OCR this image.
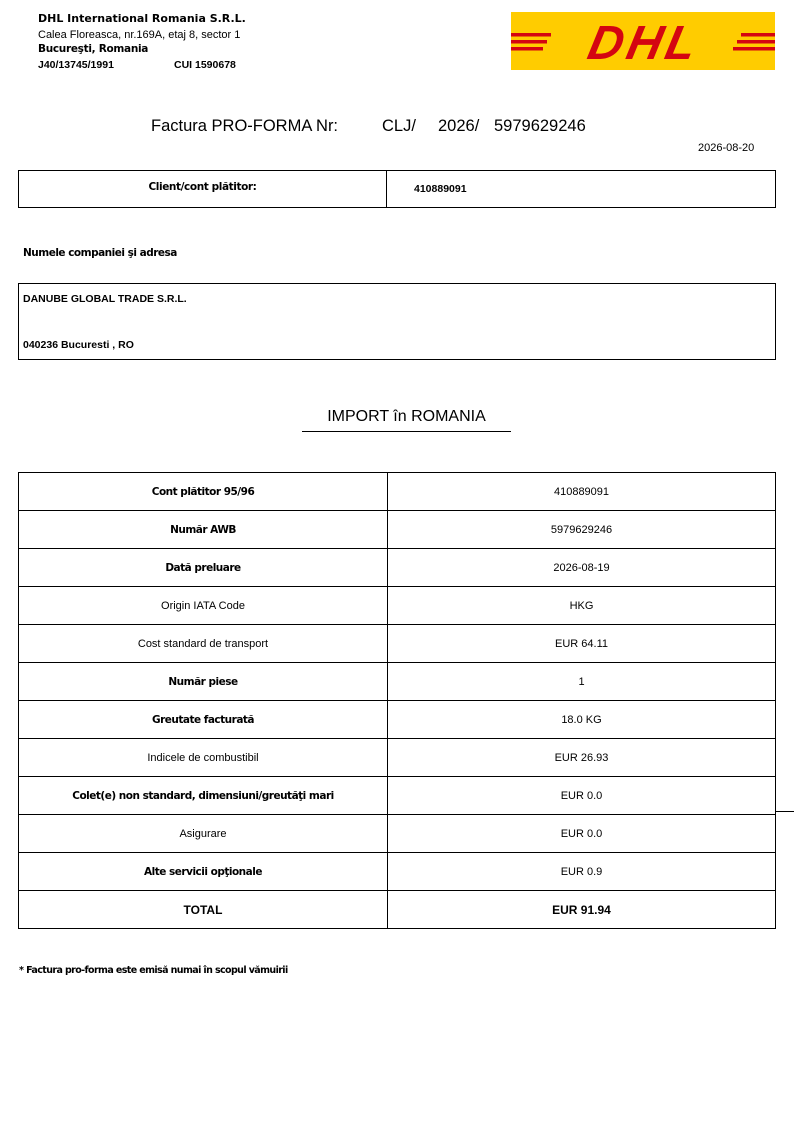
DHL International Romania S.R.L.
Calea Floreasca, nr.169A, etaj 8, sector 1
Bucureşti, Romania
J40/13745/1991	CUI 1590678	DHL
Factura PRO-FORMA Nr:	CLJ/ 2026/ 5979629246
2026-08-20
Client/cont plătitor:	410889091
Numele companiei şi adresa
DANUBE GLOBAL TRADE S.R.L.
040236 Bucuresti , RO
IMPORT în ROMANIA
Cont plătitor 95/96	410889091
Număr AWB	5979629246
Dată preluare	2026-08-19
Origin IATA Code	HKG
Cost standard de transport	EUR 64.11
Număr piese	1
Greutate facturată	18.0 KG
Indicele de combustibil	EUR 26.93
Colet(e) non standard, dimensiuni/greutăţi mari	EUR 0.0
Asigurare	EUR 0.0
Alte servicii opţionale	EUR 0.9
TOTAL	EUR 91.94
* Factura pro-forma este emisă numai în scopul vămuirii
